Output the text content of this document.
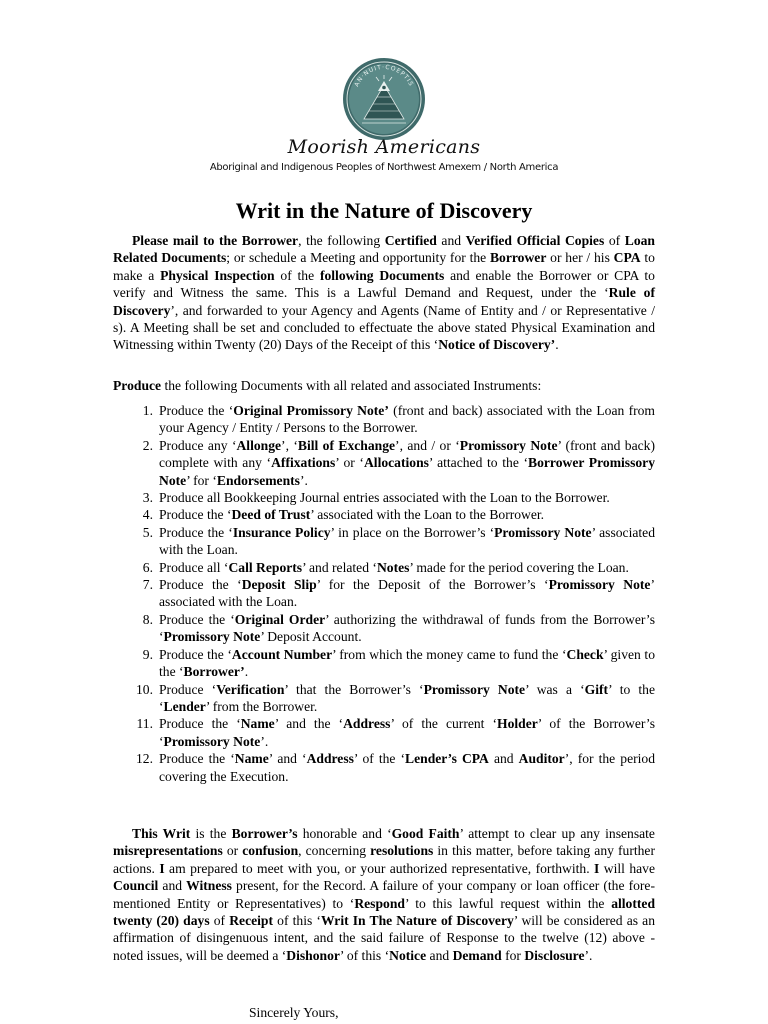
AN·NUIT·COEPTIS
Moorish Americans
Aboriginal and Indigenous Peoples of Northwest Amexem / North America
Writ in the Nature of Discovery
Please mail to the Borrower, the following Certified and Verified Official Copies of Loan Related Documents; or schedule a Meeting and opportunity for the Borrower or her / his CPA to make a Physical Inspection of the following Documents and enable the Borrower or CPA to verify and Witness the same. This is a Lawful Demand and Request, under the ‘Rule of Discovery’, and forwarded to your Agency and Agents (Name of Entity and / or Representative / s). A Meeting shall be set and concluded to effectuate the above stated Physical Examination and Witnessing within Twenty (20) Days of the Receipt of this ‘Notice of Discovery’.
Produce the following Documents with all related and associated Instruments:
1. Produce the ‘Original Promissory Note’ (front and back) associated with the Loan from your Agency / Entity / Persons to the Borrower.
2. Produce any ‘Allonge’, ‘Bill of Exchange’, and / or ‘Promissory Note’ (front and back) complete with any ‘Affixations’ or ‘Allocations’ attached to the ‘Borrower Promissory Note’ for ‘Endorsements’.
3. Produce all Bookkeeping Journal entries associated with the Loan to the Borrower.
4. Produce the ‘Deed of Trust’ associated with the Loan to the Borrower.
5. Produce the ‘Insurance Policy’ in place on the Borrower’s ‘Promissory Note’ associated with the Loan.
6. Produce all ‘Call Reports’ and related ‘Notes’ made for the period covering the Loan.
7. Produce the ‘Deposit Slip’ for the Deposit of the Borrower’s ‘Promissory Note’ associated with the Loan.
8. Produce the ‘Original Order’ authorizing the withdrawal of funds from the Borrower’s ‘Promissory Note’ Deposit Account.
9. Produce the ‘Account Number’ from which the money came to fund the ‘Check’ given to the ‘Borrower’.
10. Produce ‘Verification’ that the Borrower’s ‘Promissory Note’ was a ‘Gift’ to the ‘Lender’ from the Borrower.
11. Produce the ‘Name’ and the ‘Address’ of the current ‘Holder’ of the Borrower’s ‘Promissory Note’.
12. Produce the ‘Name’ and ‘Address’ of the ‘Lender’s CPA and Auditor’, for the period covering the Execution.
This Writ is the Borrower’s honorable and ‘Good Faith’ attempt to clear up any insensate misrepresentations or confusion, concerning resolutions in this matter, before taking any further actions. I am prepared to meet with you, or your authorized representative, forthwith. I will have Council and Witness present, for the Record. A failure of your company or loan officer (the fore-mentioned Entity or Representatives) to ‘Respond’ to this lawful request within the allotted twenty (20) days of Receipt of this ‘Writ In The Nature of Discovery’ will be considered as an affirmation of disingenuous intent, and the said failure of Response to the twelve (12) above - noted issues, will be deemed a ‘Dishonor’ of this ‘Notice and Demand for Disclosure’.
Sincerely Yours,
